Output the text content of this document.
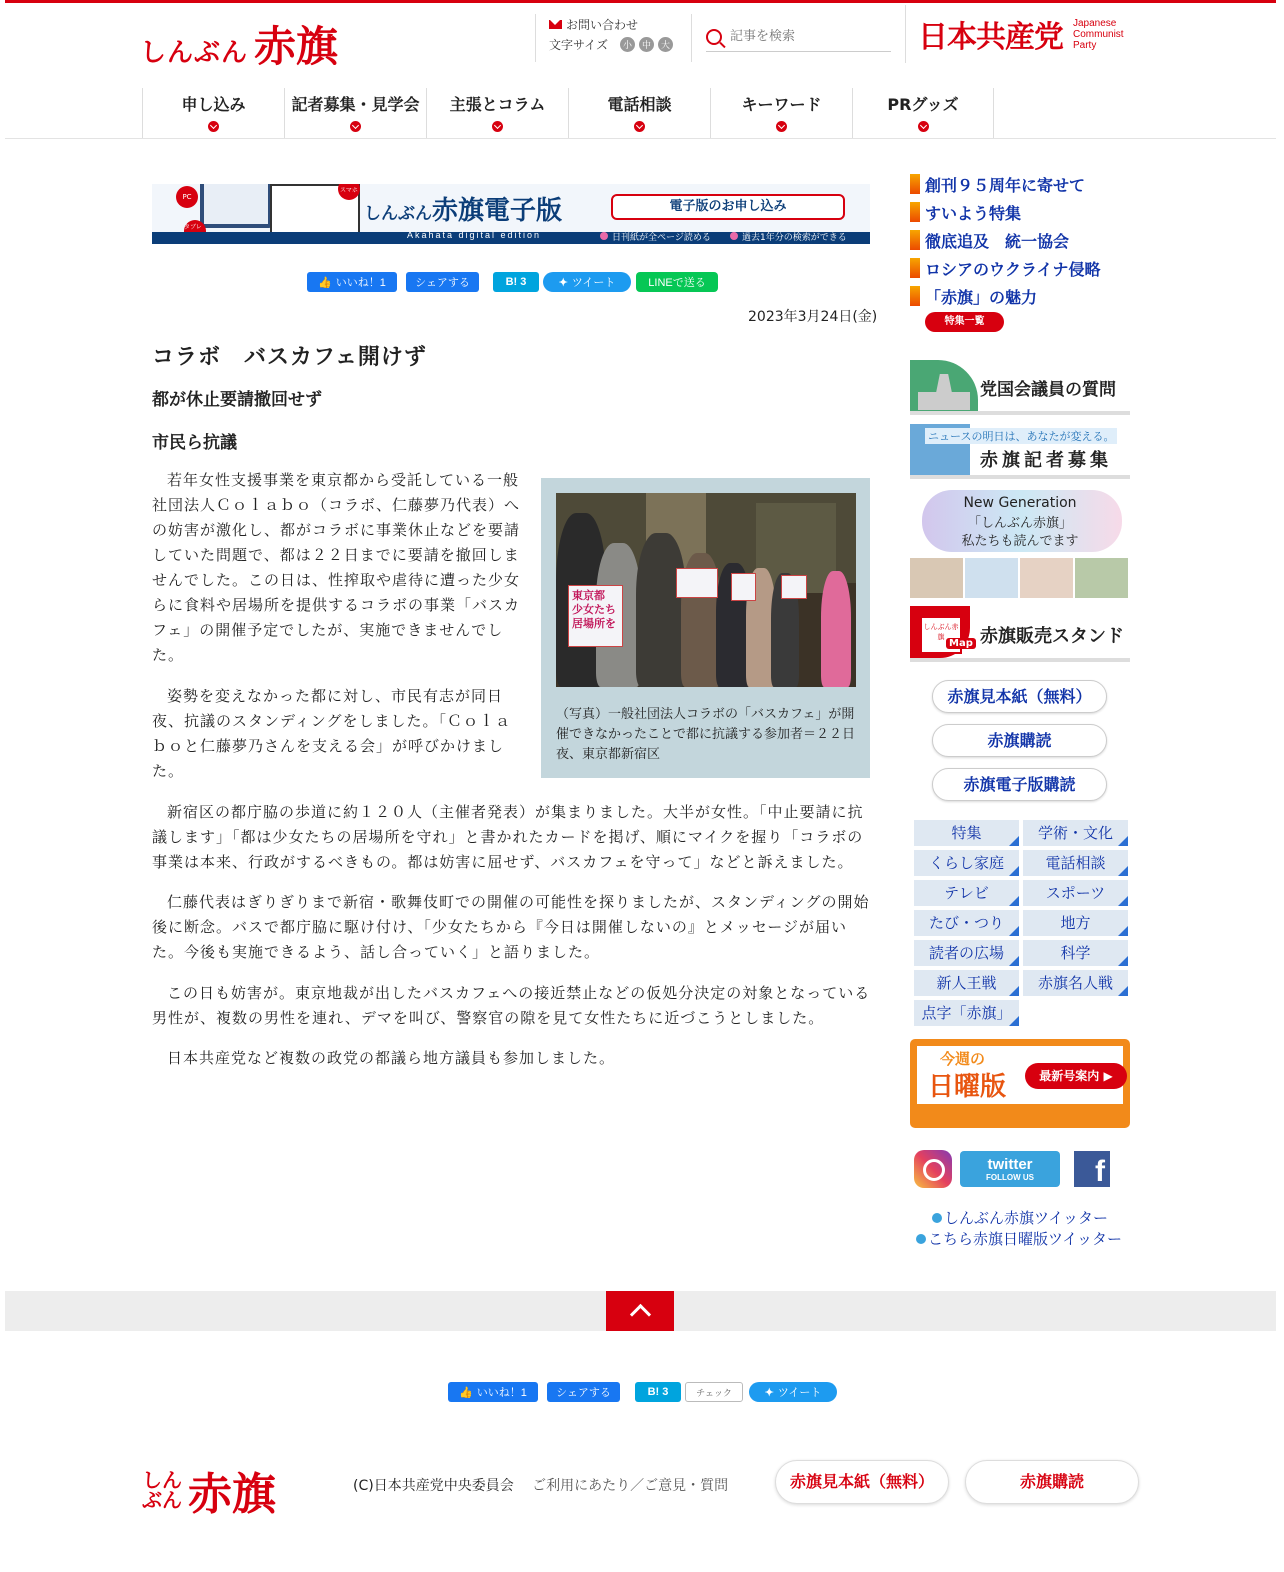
しんぶん 赤旗	お問い合わせ
文字サイズ	小	中	大
記事を検索	日本共産党 Japanese
Communist
Party
申し込み	記者募集・見学会	主張とコラム	電話相談	キーワード	PRグッズ
PC
タブレット
スマホ
しんぶん赤旗電子版	電子版のお申し込み
Akahata digital edition	日刊紙が全ページ読める	過去1年分の検索ができる
👍 いいね！1	シェアする	B! 3	✦ ツイート	LINEで送る
2023年3月24日(金)
コラボ　バスカフェ開けず
都が休止要請撤回せず
市民ら抗議

若年女性支援事業を東京都から受託している一般社団法人Ｃｏｌａｂｏ（コラボ、仁藤夢乃代表）への妨害が激化し、都がコラボに事業休止などを要請していた問題で、都は２２日までに要請を撤回しませんでした。この日は、性搾取や虐待に遭った少女らに食料や居場所を提供するコラボの事業「バスカフェ」の開催予定でしたが、実施できませんでした。

姿勢を変えなかった都に対し、市民有志が同日夜、抗議のスタンディングをしました。「Ｃｏｌａｂｏと仁藤夢乃さんを支える会」が呼びかけました。

東京都 少女たち 居場所を
（写真）一般社団法人コラボの「バスカフェ」が開催できなかったことで都に抗議する参加者＝２２日夜、東京都新宿区

新宿区の都庁脇の歩道に約１２０人（主催者発表）が集まりました。大半が女性。「中止要請に抗議します」「都は少女たちの居場所を守れ」と書かれたカードを掲げ、順にマイクを握り「コラボの事業は本来、行政がするべきもの。都は妨害に屈せず、バスカフェを守って」などと訴えました。

仁藤代表はぎりぎりまで新宿・歌舞伎町での開催の可能性を探りましたが、スタンディングの開始後に断念。バスで都庁脇に駆け付け、「少女たちから『今日は開催しないの』とメッセージが届いた。今後も実施できるよう、話し合っていく」と語りました。

この日も妨害が。東京地裁が出したバスカフェへの接近禁止などの仮処分決定の対象となっている男性が、複数の男性を連れ、デマを叫び、警察官の隙を見て女性たちに近づこうとしました。

日本共産党など複数の政党の都議ら地方議員も参加しました。

創刊９５周年に寄せて
すいよう特集
徹底追及　統一協会
ロシアのウクライナ侵略
「赤旗」の魅力
特集一覧
党国会議員の質問
ニュースの明日は、あなたが変える。
赤旗記者募集
New Generation
「しんぶん赤旗」
私たちも読んでます
しんぶん赤旗
Map 赤旗販売スタンド
赤旗見本紙（無料）
赤旗購読
赤旗電子版購読
特集	学術・文化
くらし家庭	電話相談
テレビ	スポーツ
たび・つり	地方
読者の広場	科学
新人王戦	赤旗名人戦
点字「赤旗」
今週の
日曜版	最新号案内 ▶
twitter
FOLLOW US	f
しんぶん赤旗ツイッター
こちら赤旗日曜版ツイッター
👍 いいね！1	シェアする	B! 3	チェック	✦ ツイート
しんぶん 赤旗	(C)日本共産党中央委員会 ご利用にあたり／ご意見・質問	赤旗見本紙（無料）	赤旗購読
